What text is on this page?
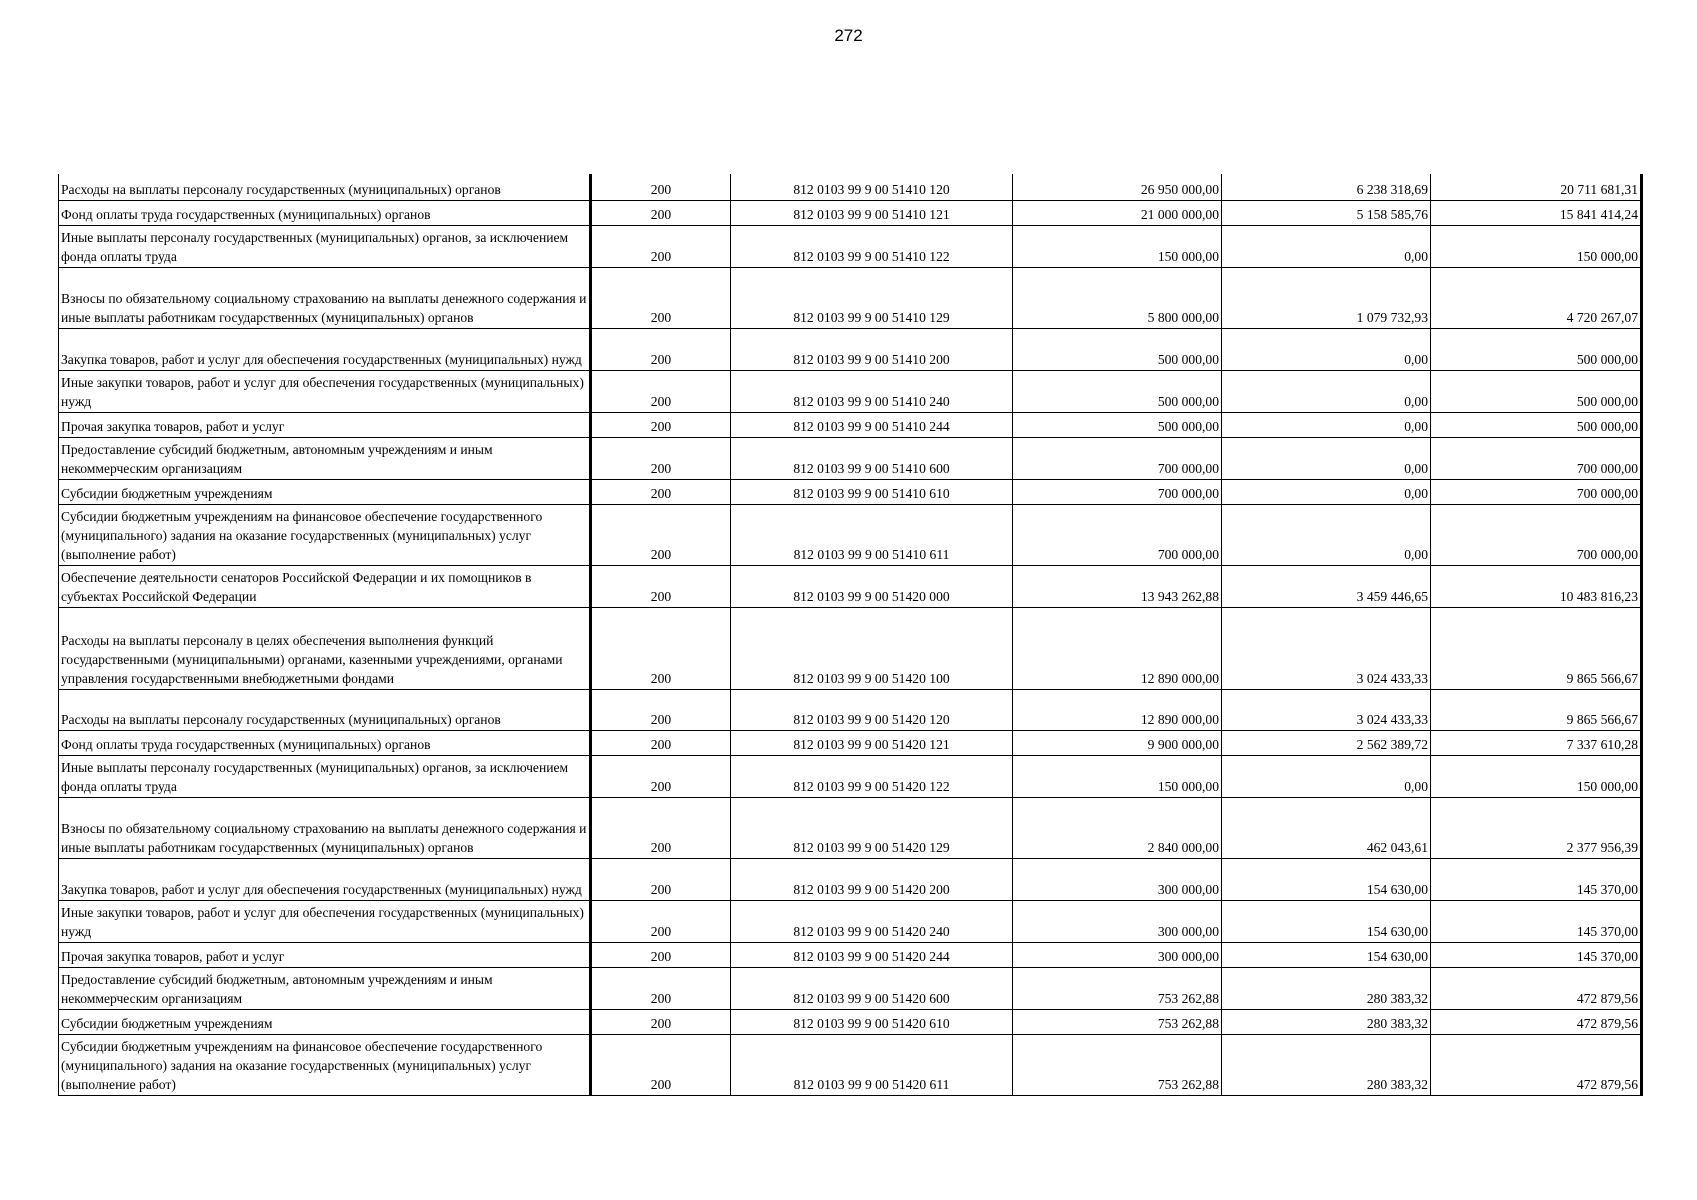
272
Расходы на выплаты персоналу государственных (муниципальных) органов	200	812 0103 99 9 00 51410 120	26 950 000,00	6 238 318,69	20 711 681,31
Фонд оплаты труда государственных (муниципальных) органов	200	812 0103 99 9 00 51410 121	21 000 000,00	5 158 585,76	15 841 414,24
Иные выплаты персоналу государственных (муниципальных) органов, за исключением фонда оплаты труда	200	812 0103 99 9 00 51410 122	150 000,00	0,00	150 000,00
Взносы по обязательному социальному страхованию на выплаты денежного содержания и иные выплаты работникам государственных (муниципальных) органов	200	812 0103 99 9 00 51410 129	5 800 000,00	1 079 732,93	4 720 267,07
Закупка товаров, работ и услуг для обеспечения государственных (муниципальных) нужд	200	812 0103 99 9 00 51410 200	500 000,00	0,00	500 000,00
Иные закупки товаров, работ и услуг для обеспечения государственных (муниципальных) нужд	200	812 0103 99 9 00 51410 240	500 000,00	0,00	500 000,00
Прочая закупка товаров, работ и услуг	200	812 0103 99 9 00 51410 244	500 000,00	0,00	500 000,00
Предоставление субсидий бюджетным, автономным учреждениям и иным некоммерческим организациям	200	812 0103 99 9 00 51410 600	700 000,00	0,00	700 000,00
Субсидии бюджетным учреждениям	200	812 0103 99 9 00 51410 610	700 000,00	0,00	700 000,00
Субсидии бюджетным учреждениям на финансовое обеспечение государственного (муниципального) задания на оказание государственных (муниципальных) услуг (выполнение работ)	200	812 0103 99 9 00 51410 611	700 000,00	0,00	700 000,00
Обеспечение деятельности сенаторов Российской Федерации и их помощников в субъектах Российской Федерации	200	812 0103 99 9 00 51420 000	13 943 262,88	3 459 446,65	10 483 816,23
Расходы на выплаты персоналу в целях обеспечения выполнения функций государственными (муниципальными) органами, казенными учреждениями, органами управления государственными внебюджетными фондами	200	812 0103 99 9 00 51420 100	12 890 000,00	3 024 433,33	9 865 566,67
Расходы на выплаты персоналу государственных (муниципальных) органов	200	812 0103 99 9 00 51420 120	12 890 000,00	3 024 433,33	9 865 566,67
Фонд оплаты труда государственных (муниципальных) органов	200	812 0103 99 9 00 51420 121	9 900 000,00	2 562 389,72	7 337 610,28
Иные выплаты персоналу государственных (муниципальных) органов, за исключением фонда оплаты труда	200	812 0103 99 9 00 51420 122	150 000,00	0,00	150 000,00
Взносы по обязательному социальному страхованию на выплаты денежного содержания и иные выплаты работникам государственных (муниципальных) органов	200	812 0103 99 9 00 51420 129	2 840 000,00	462 043,61	2 377 956,39
Закупка товаров, работ и услуг для обеспечения государственных (муниципальных) нужд	200	812 0103 99 9 00 51420 200	300 000,00	154 630,00	145 370,00
Иные закупки товаров, работ и услуг для обеспечения государственных (муниципальных) нужд	200	812 0103 99 9 00 51420 240	300 000,00	154 630,00	145 370,00
Прочая закупка товаров, работ и услуг	200	812 0103 99 9 00 51420 244	300 000,00	154 630,00	145 370,00
Предоставление субсидий бюджетным, автономным учреждениям и иным некоммерческим организациям	200	812 0103 99 9 00 51420 600	753 262,88	280 383,32	472 879,56
Субсидии бюджетным учреждениям	200	812 0103 99 9 00 51420 610	753 262,88	280 383,32	472 879,56
Субсидии бюджетным учреждениям на финансовое обеспечение государственного (муниципального) задания на оказание государственных (муниципальных) услуг (выполнение работ)	200	812 0103 99 9 00 51420 611	753 262,88	280 383,32	472 879,56
